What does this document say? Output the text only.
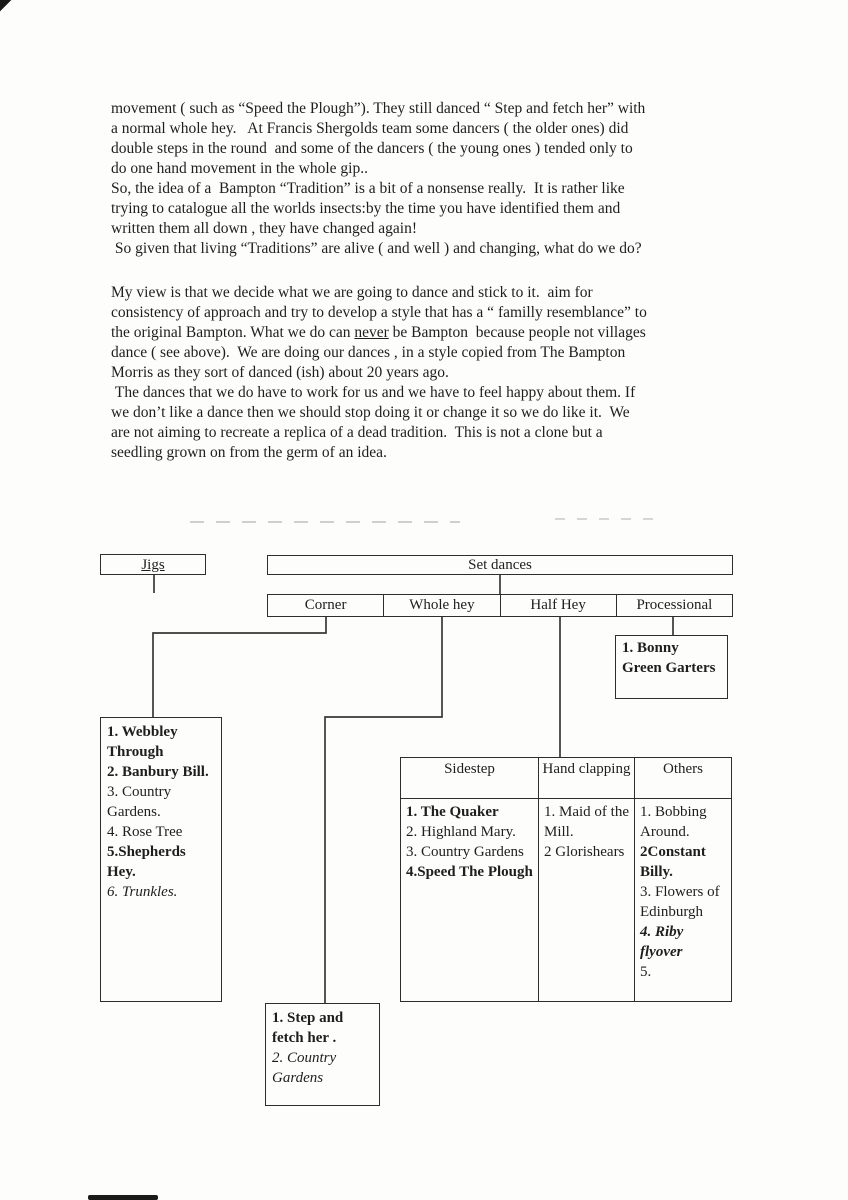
movement ( such as “Speed the Plough”). They still danced “ Step and fetch her” with
a normal whole hey.   At Francis Shergolds team some dancers ( the older ones) did
double steps in the round  and some of the dancers ( the young ones ) tended only to
do one hand movement in the whole gip..
So, the idea of a  Bampton “Tradition” is a bit of a nonsense really.  It is rather like
trying to catalogue all the worlds insects:by the time you have identified them and
written them all down , they have changed again!
So given that living “Traditions” are alive ( and well ) and changing, what do we do?
My view is that we decide what we are going to dance and stick to it.  aim for
consistency of approach and try to develop a style that has a “ familly resemblance” to
the original Bampton. What we do can never be Bampton  because people not villages
dance ( see above).  We are doing our dances , in a style copied from The Bampton
Morris as they sort of danced (ish) about 20 years ago.
The dances that we do have to work for us and we have to feel happy about them. If
we don’t like a dance then we should stop doing it or change it so we do like it.  We
are not aiming to recreate a replica of a dead tradition.  This is not a clone but a
seedling grown on from the germ of an idea.
Jigs	Set dances
Corner	Whole hey	Half Hey	Processional
1. Bonny Green Garters
1. Webbley Through
2. Banbury Bill.
3. Country Gardens.
4. Rose Tree
5.Shepherds Hey.
6. Trunkles.
Sidestep
1. The Quaker
2. Highland Mary.
3. Country Gardens
4.Speed The Plough
Hand clapping
1. Maid of the Mill.
2 Glorishears
Others
1. Bobbing Around.
2Constant Billy.
3. Flowers of Edinburgh
4. Riby flyover
5.
1. Step and fetch her .
2. Country Gardens
